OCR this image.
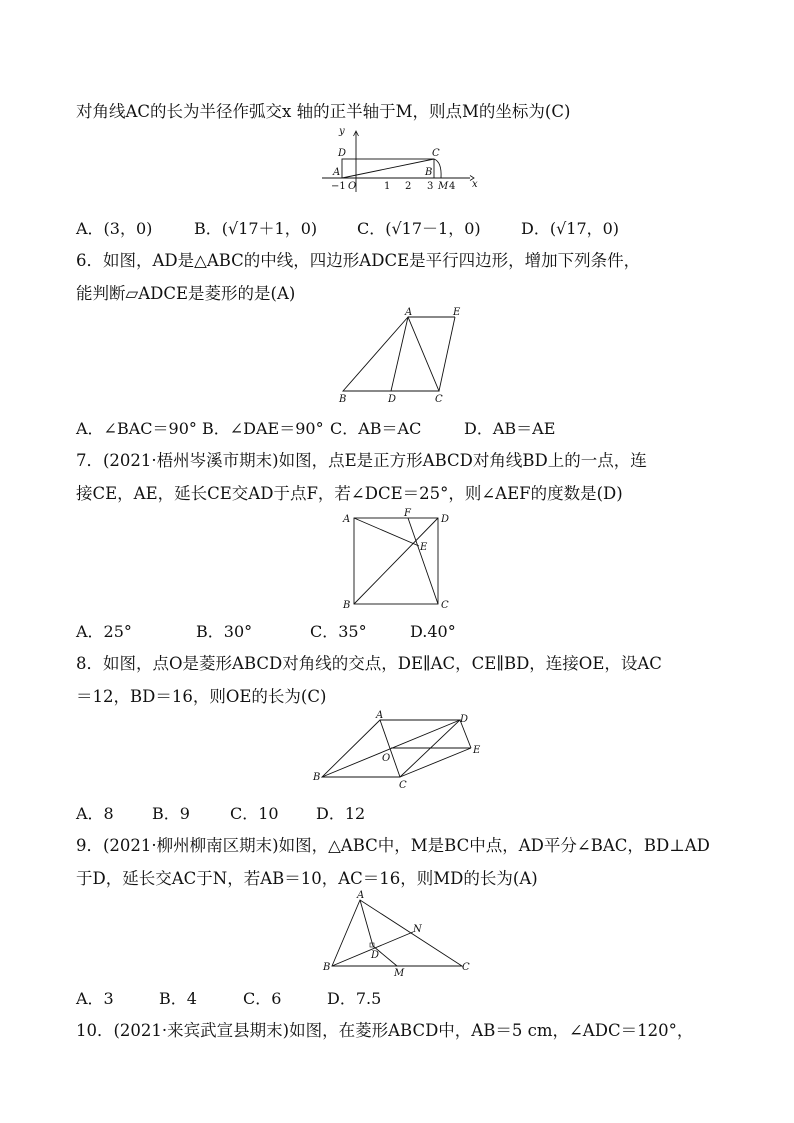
对角线AC的长为半径作弧交x 轴的正半轴于M，则点M的坐标为(C)
y
x
D	C
A	B
O	M
−1	1 2 3 4
A．(3，0)	B．(√17＋1，0) C．(√17－1，0)	D．(√17，0)
6．如图，AD是△ABC的中线，四边形ADCE是平行四边形，增加下列条件，
能判断▱ADCE是菱形的是(A)
A	E
B	D	C
A．∠BAC＝90° B．∠DAE＝90° C．AB＝AC	D．AB＝AE
7．(2021·梧州岑溪市期末)如图，点E是正方形ABCD对角线BD上的一点，连
接CE，AE，延长CE交AD于点F，若∠DCE＝25°，则∠AEF的度数是(D)
A
F
D
E
B	C
A．25°	B．30°	C．35°	D.40°
8．如图，点O是菱形ABCD对角线的交点，DE∥AC，CE∥BD，连接OE，设AC
＝12，BD＝16，则OE的长为(C)
A	D
E
O
B
C
A．8 B．9	C．10 D．12
9．(2021·柳州柳南区期末)如图，△ABC中，M是BC中点，AD平分∠BAC，BD⊥AD
于D，延长交AC于N，若AB＝10，AC＝16，则MD的长为(A)
A
N
D
B
M
C
A．3	B．4	C．6	D．7.5
10．(2021·来宾武宣县期末)如图，在菱形ABCD中，AB＝5 cm，∠ADC＝120°，
